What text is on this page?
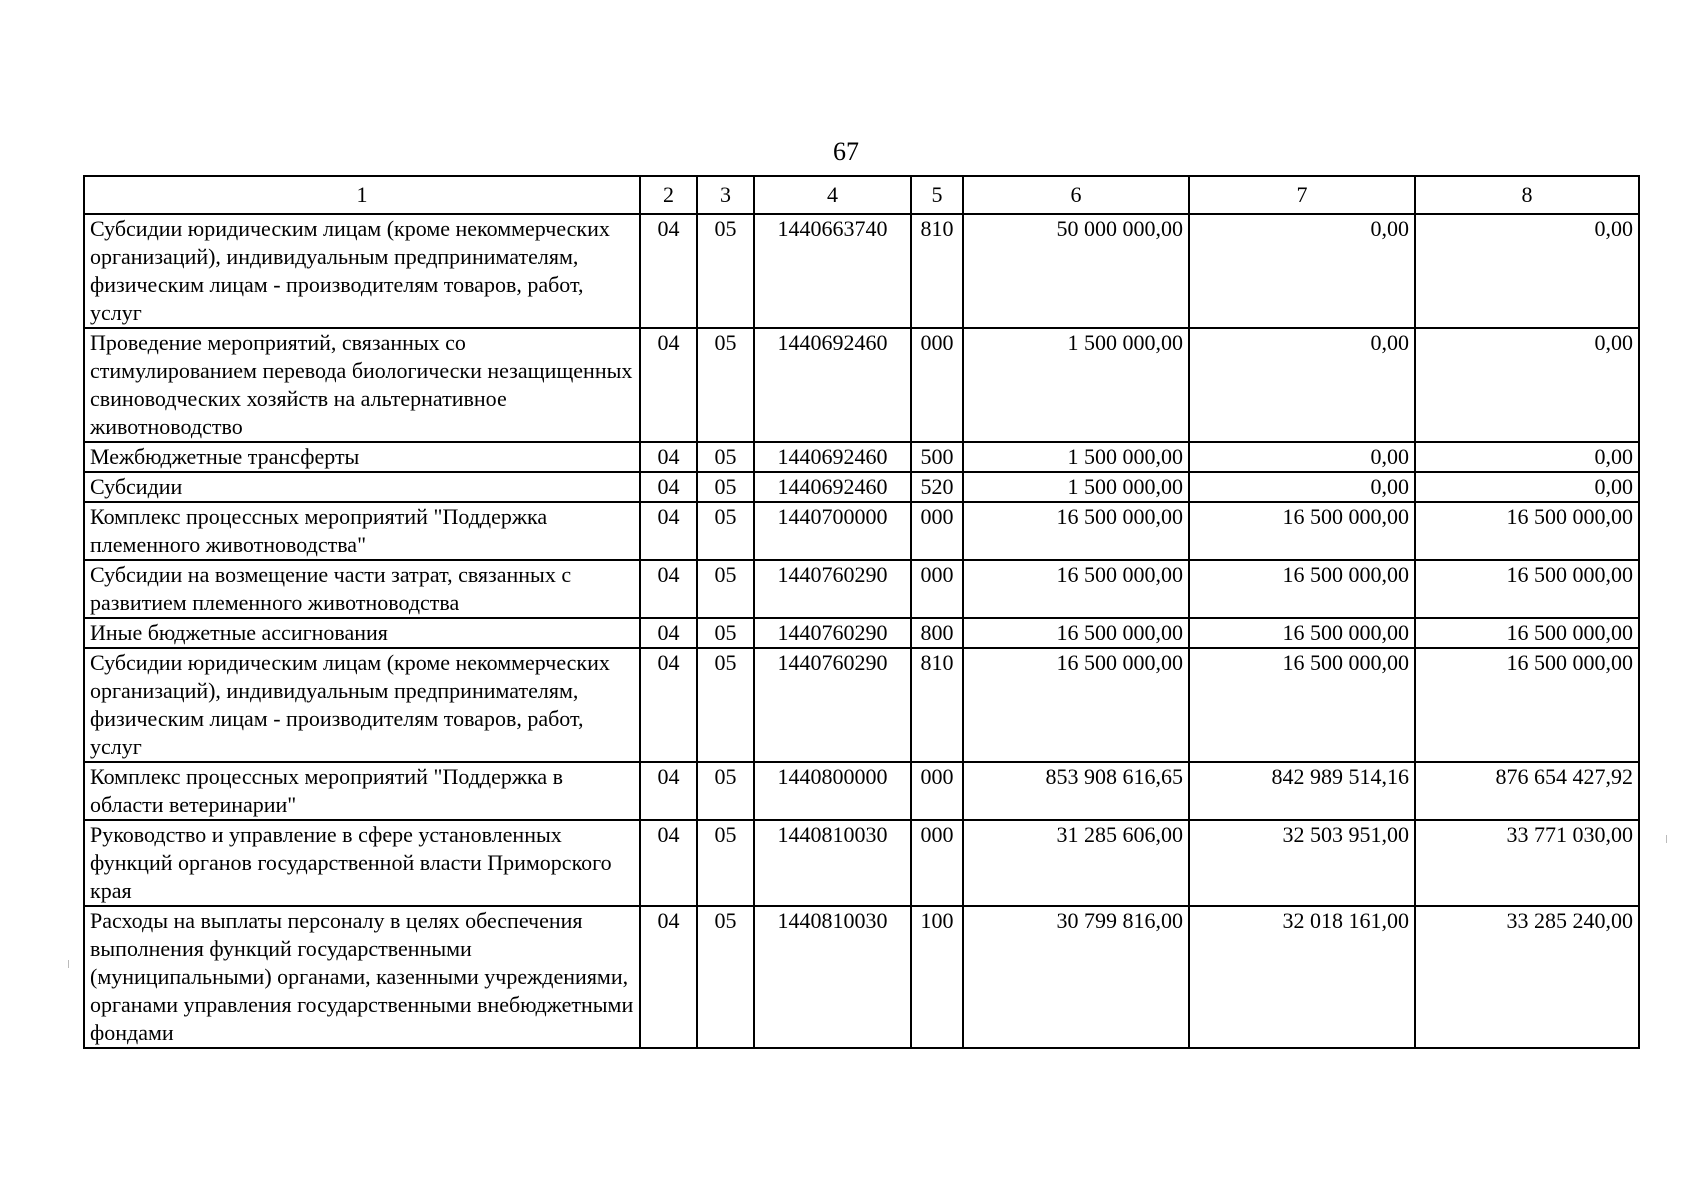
67
1	2	3	4	5	6	7	8
Субсидии юридическим лицам (кроме некоммерческих организаций), индивидуальным предпринимателям, физическим лицам - производителям товаров, работ, услуг	04	05	1440663740	810	50 000 000,00	0,00	0,00
Проведение мероприятий, связанных со стимулированием перевода биологически незащищенных свиноводческих хозяйств на альтернативное животноводство	04	05	1440692460	000	1 500 000,00	0,00	0,00
Межбюджетные трансферты	04	05	1440692460	500	1 500 000,00	0,00	0,00
Субсидии	04	05	1440692460	520	1 500 000,00	0,00	0,00
Комплекс процессных мероприятий "Поддержка племенного животноводства"	04	05	1440700000	000	16 500 000,00	16 500 000,00	16 500 000,00
Субсидии на возмещение части затрат, связанных с развитием племенного животноводства	04	05	1440760290	000	16 500 000,00	16 500 000,00	16 500 000,00
Иные бюджетные ассигнования	04	05	1440760290	800	16 500 000,00	16 500 000,00	16 500 000,00
Субсидии юридическим лицам (кроме некоммерческих организаций), индивидуальным предпринимателям, физическим лицам - производителям товаров, работ, услуг	04	05	1440760290	810	16 500 000,00	16 500 000,00	16 500 000,00
Комплекс процессных мероприятий "Поддержка в области ветеринарии"	04	05	1440800000	000	853 908 616,65	842 989 514,16	876 654 427,92
Руководство и управление в сфере установленных функций органов государственной власти Приморского края	04	05	1440810030	000	31 285 606,00	32 503 951,00	33 771 030,00
Расходы на выплаты персоналу в целях обеспечения выполнения функций государственными (муниципальными) органами, казенными учреждениями, органами управления государственными внебюджетными фондами	04	05	1440810030	100	30 799 816,00	32 018 161,00	33 285 240,00
